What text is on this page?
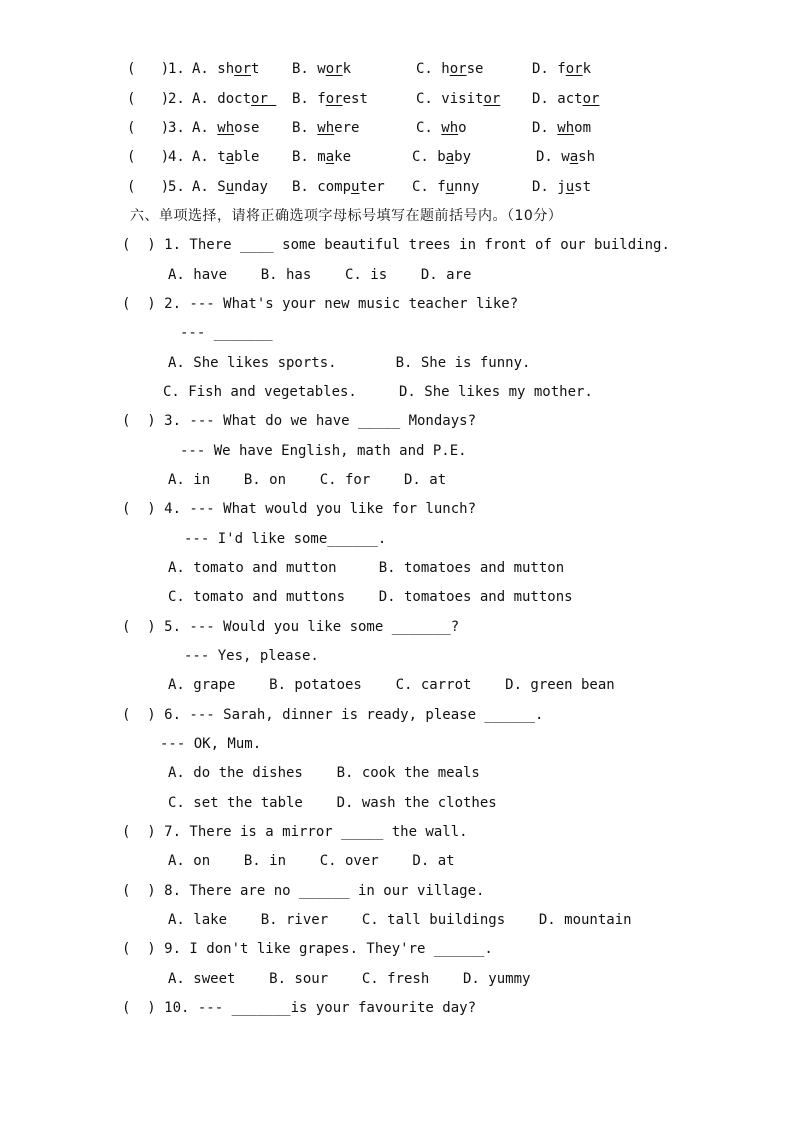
(   )
1. A. short B. work	C. horse	D. fork
(   )
2. A. doctor B. forest	C. visitor D. actor
(   )
3. A. whose B. where	C. who	D. whom
(   )
4. A. table B. make	C. baby	D. wash
(   )
5. A. Sunday B. computer C. funny	D. just
六、单项选择，请将正确选项字母标号填写在题前括号内。（10分）
(  ) 1. There ____ some beautiful trees in front of our building.
A. have    B. has    C. is    D. are
(  ) 2. --- What's your new music teacher like?
--- _______
A. She likes sports.       B. She is funny.
C. Fish and vegetables.     D. She likes my mother.
(  ) 3. --- What do we have _____ Mondays?
--- We have English, math and P.E.
A. in    B. on    C. for    D. at
(  ) 4. --- What would you like for lunch?
--- I'd like some______.
A. tomato and mutton     B. tomatoes and mutton
C. tomato and muttons    D. tomatoes and muttons
(  ) 5. --- Would you like some _______?
--- Yes, please.
A. grape    B. potatoes    C. carrot    D. green bean
(  ) 6. --- Sarah, dinner is ready, please ______.
--- OK, Mum.
A. do the dishes    B. cook the meals
C. set the table    D. wash the clothes
(  ) 7. There is a mirror _____ the wall.
A. on    B. in    C. over    D. at
(  ) 8. There are no ______ in our village.
A. lake    B. river    C. tall buildings    D. mountain
(  ) 9. I don't like grapes. They're ______.
A. sweet    B. sour    C. fresh    D. yummy
(  ) 10. --- _______is your favourite day?
